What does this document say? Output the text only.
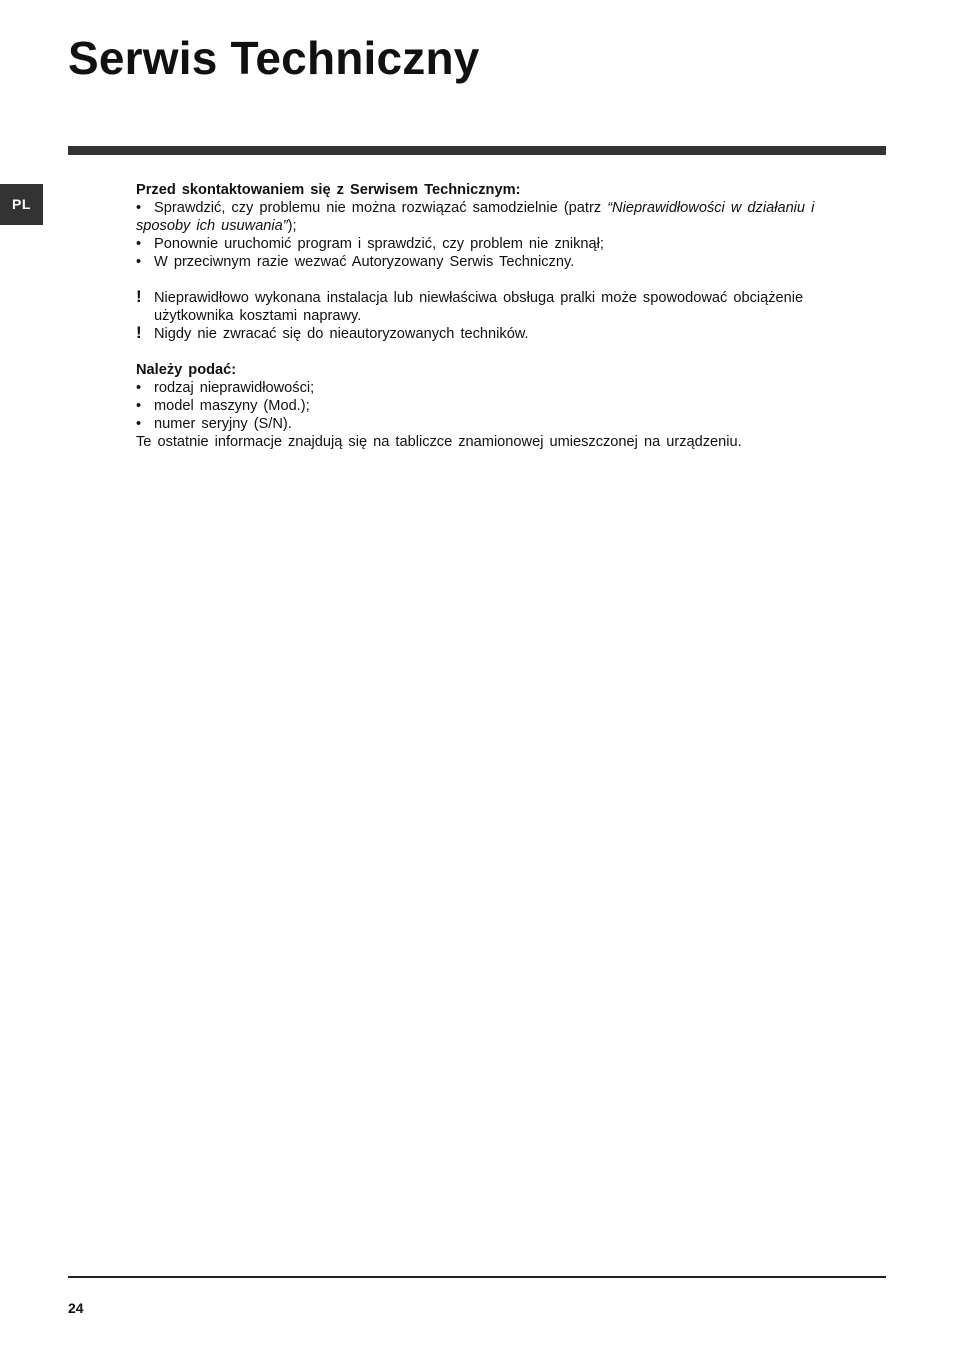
Serwis Techniczny
PL

Przed skontaktowaniem się z Serwisem Technicznym:

• Sprawdzić, czy problemu nie można rozwiązać samodzielnie (patrz “Nieprawidłowości w działaniu i sposoby ich usuwania”);
• Ponownie uruchomić program i sprawdzić, czy problem nie zniknął;
• W przeciwnym razie wezwać Autoryzowany Serwis Techniczny.
! Nieprawidłowo wykonana instalacja lub niewłaściwa obsługa pralki może spowodować obciążenie użytkownika kosztami naprawy.
! Nigdy nie zwracać się do nieautoryzowanych techników.

Należy podać:

• rodzaj nieprawidłowości;
• model maszyny (Mod.);
• numer seryjny (S/N).
Te ostatnie informacje znajdują się na tabliczce znamionowej umieszczonej na urządzeniu.
24
